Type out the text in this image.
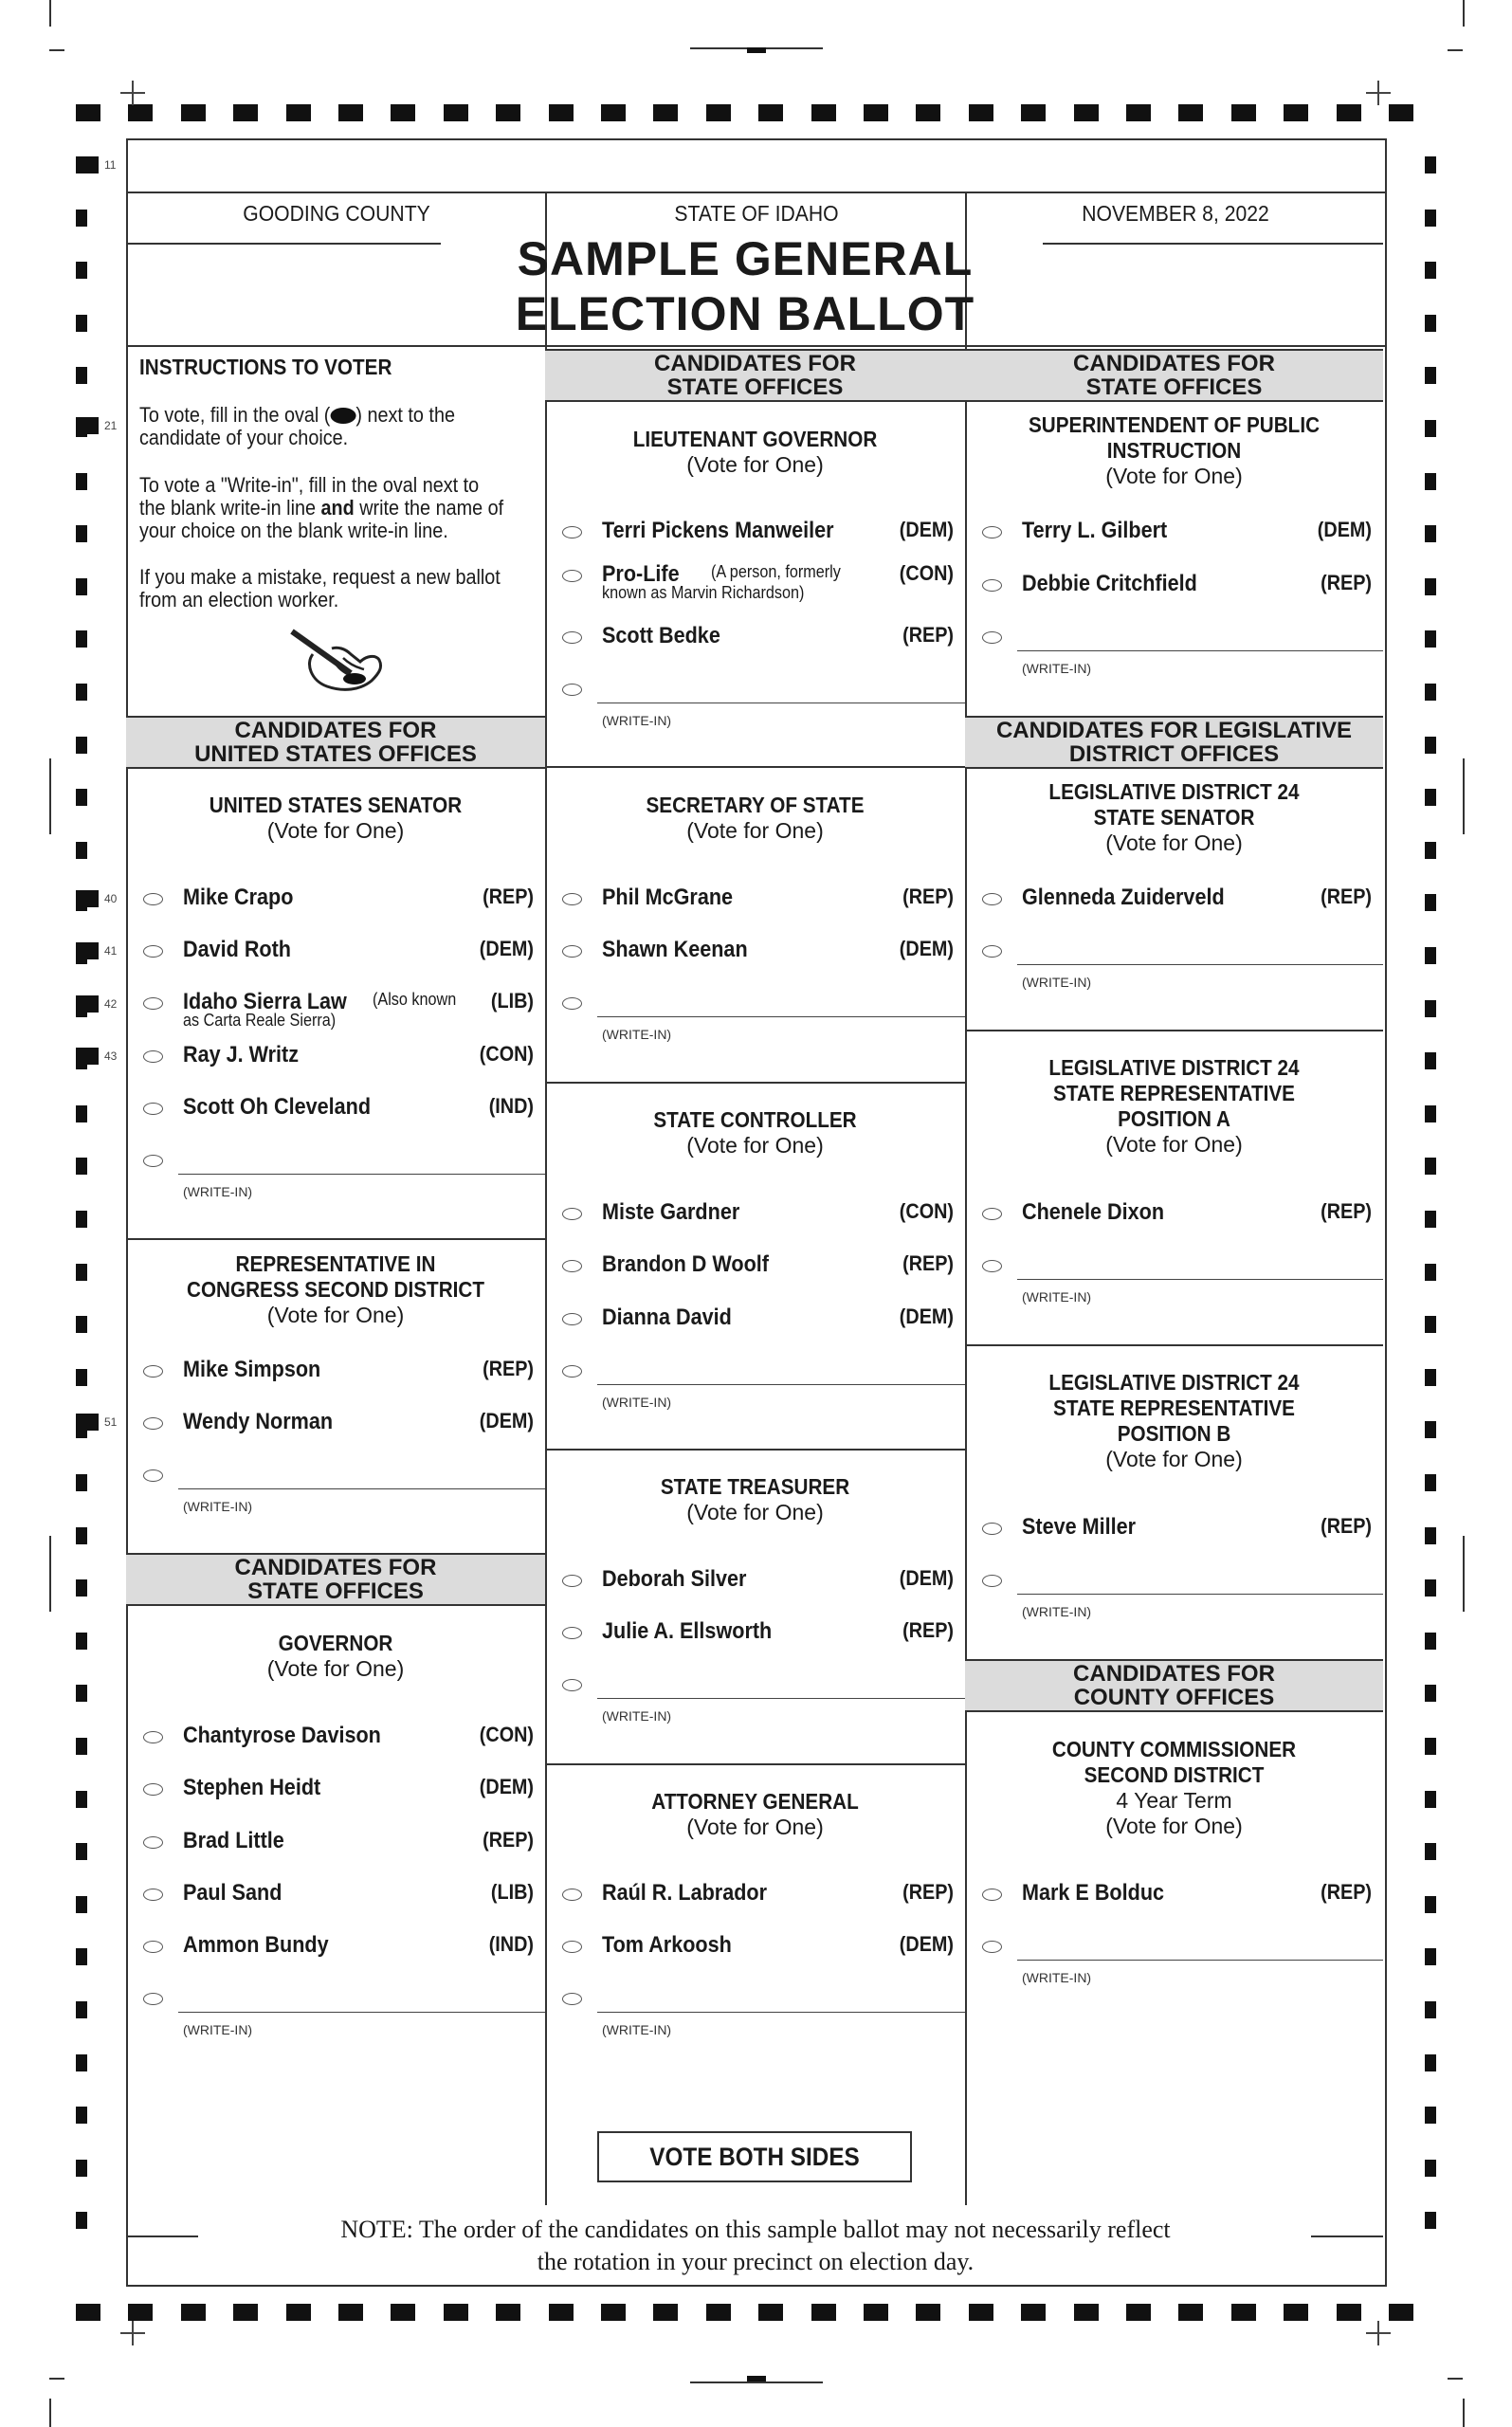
11
21
40
41
42
43
51
GOODING COUNTY	STATE OF IDAHO	NOVEMBER 8, 2022
SAMPLE GENERAL
ELECTION BALLOT
INSTRUCTIONS TO VOTER
To vote, fill in the oval ( ) next to the
candidate of your choice.
To vote a "Write-in", fill in the oval next to
the blank write-in line and write the name of
your choice on the blank write-in line.
If you make a mistake, request a new ballot
from an election worker.
CANDIDATES FOR
UNITED STATES OFFICES
UNITED STATES SENATOR
(Vote for One)
Mike Crapo	(REP)
David Roth	(DEM)
Idaho Sierra Law	(LIB)
(Also known
as Carta Reale Sierra)
Ray J. Writz	(CON)
Scott Oh Cleveland	(IND)
(WRITE-IN)
REPRESENTATIVE IN
CONGRESS SECOND DISTRICT
(Vote for One)
Mike Simpson	(REP)
Wendy Norman	(DEM)
(WRITE-IN)
CANDIDATES FOR
STATE OFFICES
GOVERNOR
(Vote for One)
Chantyrose Davison	(CON)
Stephen Heidt	(DEM)
Brad Little	(REP)
Paul Sand	(LIB)
Ammon Bundy	(IND)
(WRITE-IN)
CANDIDATES FOR
STATE OFFICES
LIEUTENANT GOVERNOR
(Vote for One)
Terri Pickens Manweiler	(DEM)
Pro-Life	(CON)
(A person, formerly
known as Marvin Richardson)
Scott Bedke	(REP)
(WRITE-IN)
SECRETARY OF STATE
(Vote for One)
Phil McGrane	(REP)
Shawn Keenan	(DEM)
(WRITE-IN)
STATE CONTROLLER
(Vote for One)
Miste Gardner	(CON)
Brandon D Woolf	(REP)
Dianna David	(DEM)
(WRITE-IN)
STATE TREASURER
(Vote for One)
Deborah Silver	(DEM)
Julie A. Ellsworth	(REP)
(WRITE-IN)
ATTORNEY GENERAL
(Vote for One)
Raúl R. Labrador	(REP)
Tom Arkoosh	(DEM)
(WRITE-IN)
CANDIDATES FOR
STATE OFFICES
SUPERINTENDENT OF PUBLIC
INSTRUCTION
(Vote for One)
Terry L. Gilbert	(DEM)
Debbie Critchfield	(REP)
(WRITE-IN)
CANDIDATES FOR LEGISLATIVE
DISTRICT OFFICES
LEGISLATIVE DISTRICT 24
STATE SENATOR
(Vote for One)
Glenneda Zuiderveld	(REP)
(WRITE-IN)
LEGISLATIVE DISTRICT 24
STATE REPRESENTATIVE
POSITION A
(Vote for One)
Chenele Dixon	(REP)
(WRITE-IN)
LEGISLATIVE DISTRICT 24
STATE REPRESENTATIVE
POSITION B
(Vote for One)
Steve Miller	(REP)
(WRITE-IN)
CANDIDATES FOR
COUNTY OFFICES
COUNTY COMMISSIONER
SECOND DISTRICT
4 Year Term
(Vote for One)
Mark E Bolduc	(REP)
(WRITE-IN)
VOTE BOTH SIDES
NOTE: The order of the candidates on this sample ballot may not necessarily reflect
the rotation in your precinct on election day.
